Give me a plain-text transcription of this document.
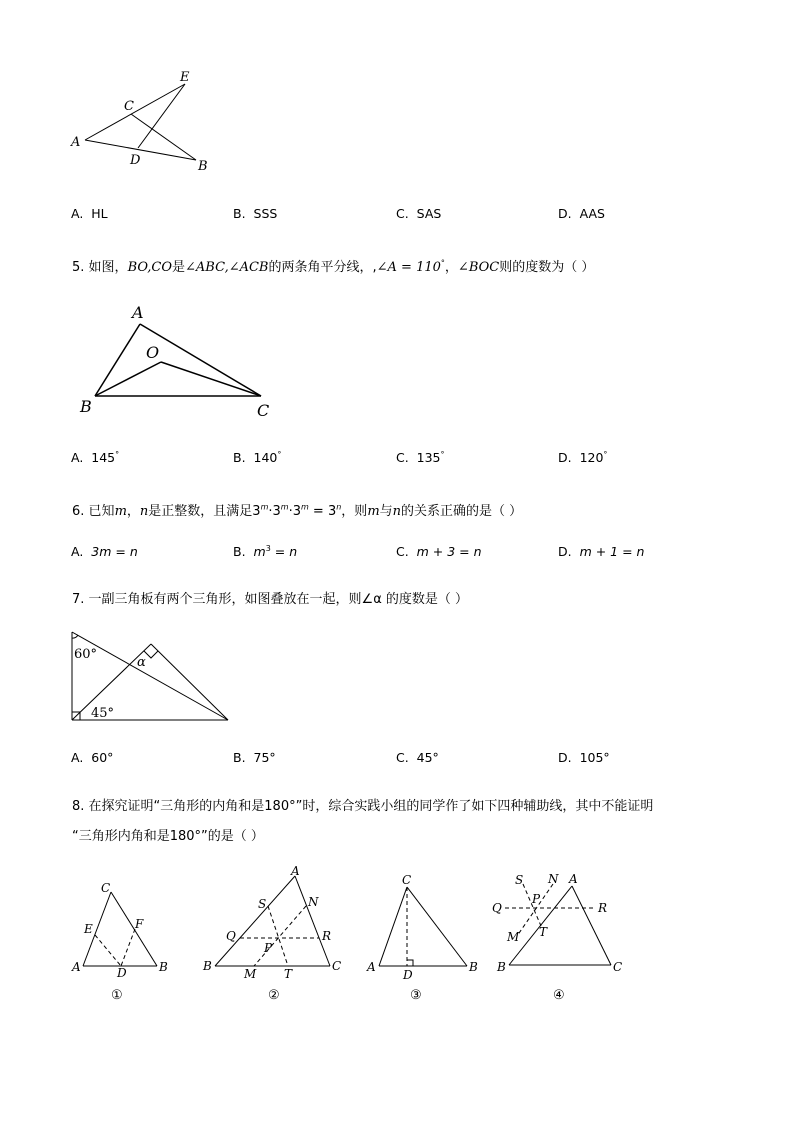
E
C
A
D	B
A. HL	B. SSS	C. SAS	D. AAS
5. 如图，BO,CO是∠ABC,∠ACB的两条角平分线，,∠A = 110°，∠BOC则的度数为（ ）
A
O
B	C
A. 145°	B. 140°	C. 135°	D. 120°
6. 已知m，n是正整数，且满足$3^m\cdot 3^m\cdot 3^m = 3^n$，则m与n的关系正确的是（ ）
A. 3m = n	B. $m^3 = n$	C. m + 3 = n	D. m + 1 = n
7. 一副三角板有两个三角形，如图叠放在一起，则∠α 的度数是（ ）
60°
45°
α
A. 60°	B. 75°	C. 45°	D. 105°
8. 在探究证明“三角形的内角和是180°”时，综合实践小组的同学作了如下四种辅助线，其中不能证明
“三角形内角和是180°”的是（ ）
C
E	F
A	D	B
①
A
S	N
Q	R
P
B
M T
C
②
C
A
D
B
③
S N A
P
Q	R
M T
B	C
④
